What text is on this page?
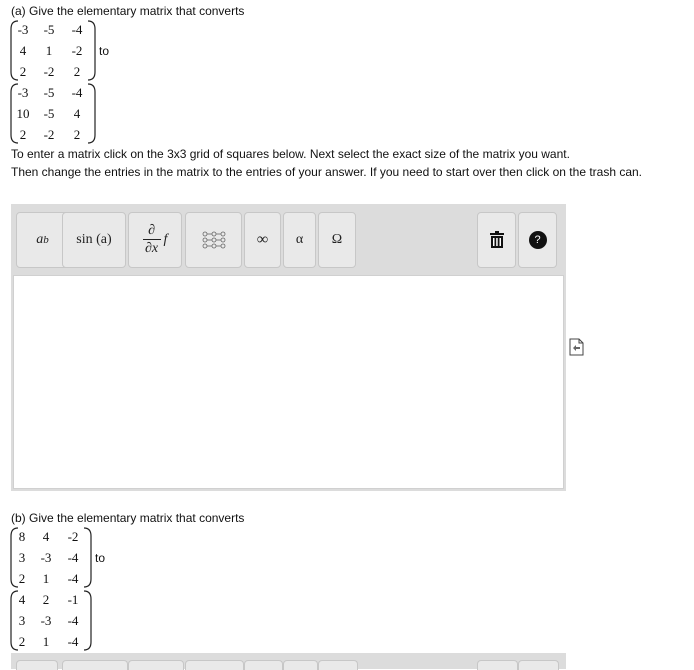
(a) Give the elementary matrix that converts
-3	-5	-4
4	1	-2
2	-2	2
to
-3	-5	-4
10	-5	4
2	-2	2
To enter a matrix click on the 3x3 grid of squares below. Next select the exact size of the matrix you want.
Then change the entries in the matrix to the entries of your answer. If you need to start over then click on the trash can.
a b sin (a)
∂
∂x
f	∞ α Ω	?
(b) Give the elementary matrix that converts
8	4	-2
3	-3	-4
2	1	-4
to
4	2	-1
3	-3	-4
2	1	-4
